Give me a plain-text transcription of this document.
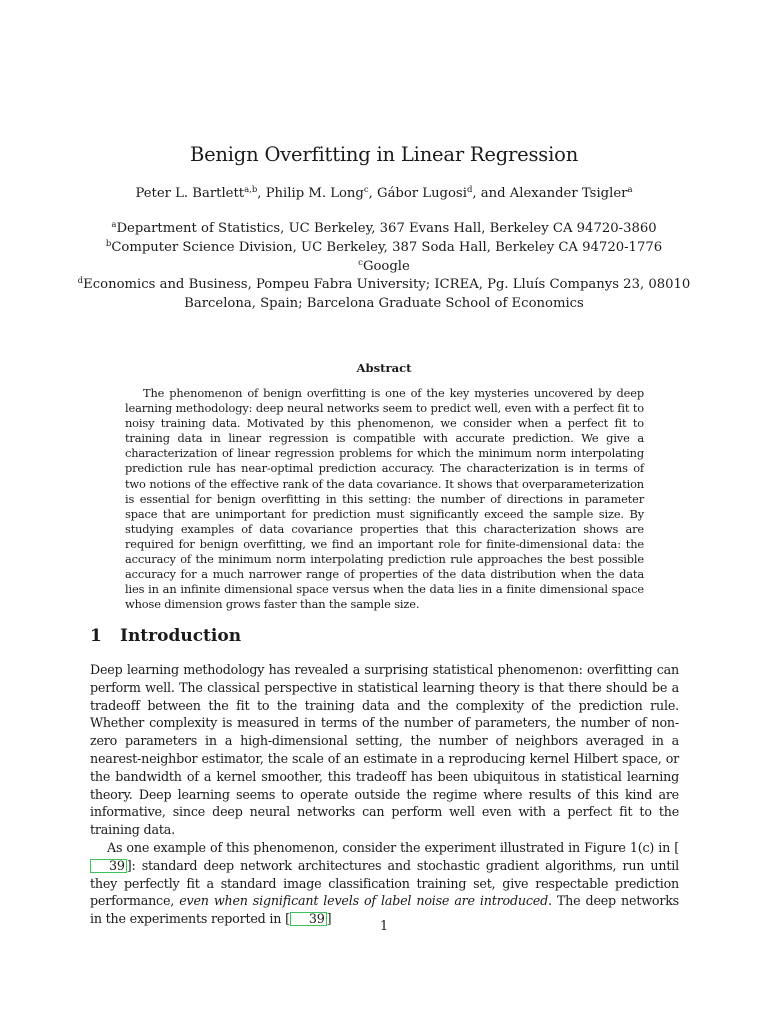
Benign Overfitting in Linear Regression
Peter L. Bartlett$^{a,b}$, Philip M. Long$^c$, Gábor Lugosi$^d$, and Alexander Tsigler$^a$
$^a$Department of Statistics, UC Berkeley, 367 Evans Hall, Berkeley CA 94720-3860
$^b$Computer Science Division, UC Berkeley, 387 Soda Hall, Berkeley CA 94720-1776
$^c$Google
$^d$Economics and Business, Pompeu Fabra University; ICREA, Pg. Lluís Companys 23, 08010
Barcelona, Spain; Barcelona Graduate School of Economics
Abstract
The phenomenon of benign overfitting is one of the key mysteries uncovered by deep learning methodology: deep neural networks seem to predict well, even with a perfect fit to noisy training data. Motivated by this phenomenon, we consider when a perfect fit to training data in linear regression is compatible with accurate prediction. We give a characterization of linear regression problems for which the minimum norm interpolating prediction rule has near-optimal prediction accuracy. The characterization is in terms of two notions of the effective rank of the data covariance. It shows that overparameterization is essential for benign overfitting in this setting: the number of directions in parameter space that are unimportant for prediction must significantly exceed the sample size. By studying examples of data covariance properties that this characterization shows are required for benign overfitting, we find an important role for finite-dimensional data: the accuracy of the minimum norm interpolating prediction rule approaches the best possible accuracy for a much narrower range of properties of the data distribution when the data lies in an infinite dimensional space versus when the data lies in a finite dimensional space whose dimension grows faster than the sample size.
1 Introduction

Deep learning methodology has revealed a surprising statistical phenomenon: overfitting can perform well. The classical perspective in statistical learning theory is that there should be a tradeoff between the fit to the training data and the complexity of the prediction rule. Whether complexity is measured in terms of the number of parameters, the number of non-zero parameters in a high-dimensional setting, the number of neighbors averaged in a nearest-neighbor estimator, the scale of an estimate in a reproducing kernel Hilbert space, or the bandwidth of a kernel smoother, this tradeoff has been ubiquitous in statistical learning theory. Deep learning seems to operate outside the regime where results of this kind are informative, since deep neural networks can perform well even with a perfect fit to the training data.

As one example of this phenomenon, consider the experiment illustrated in Figure 1(c) in [39 ]: standard deep network architectures and stochastic gradient algorithms, run until they perfectly fit a standard image classification training set, give respectable prediction performance, even when significant levels of label noise are introduced. The deep networks in the experiments reported in [ 39 ]	1
